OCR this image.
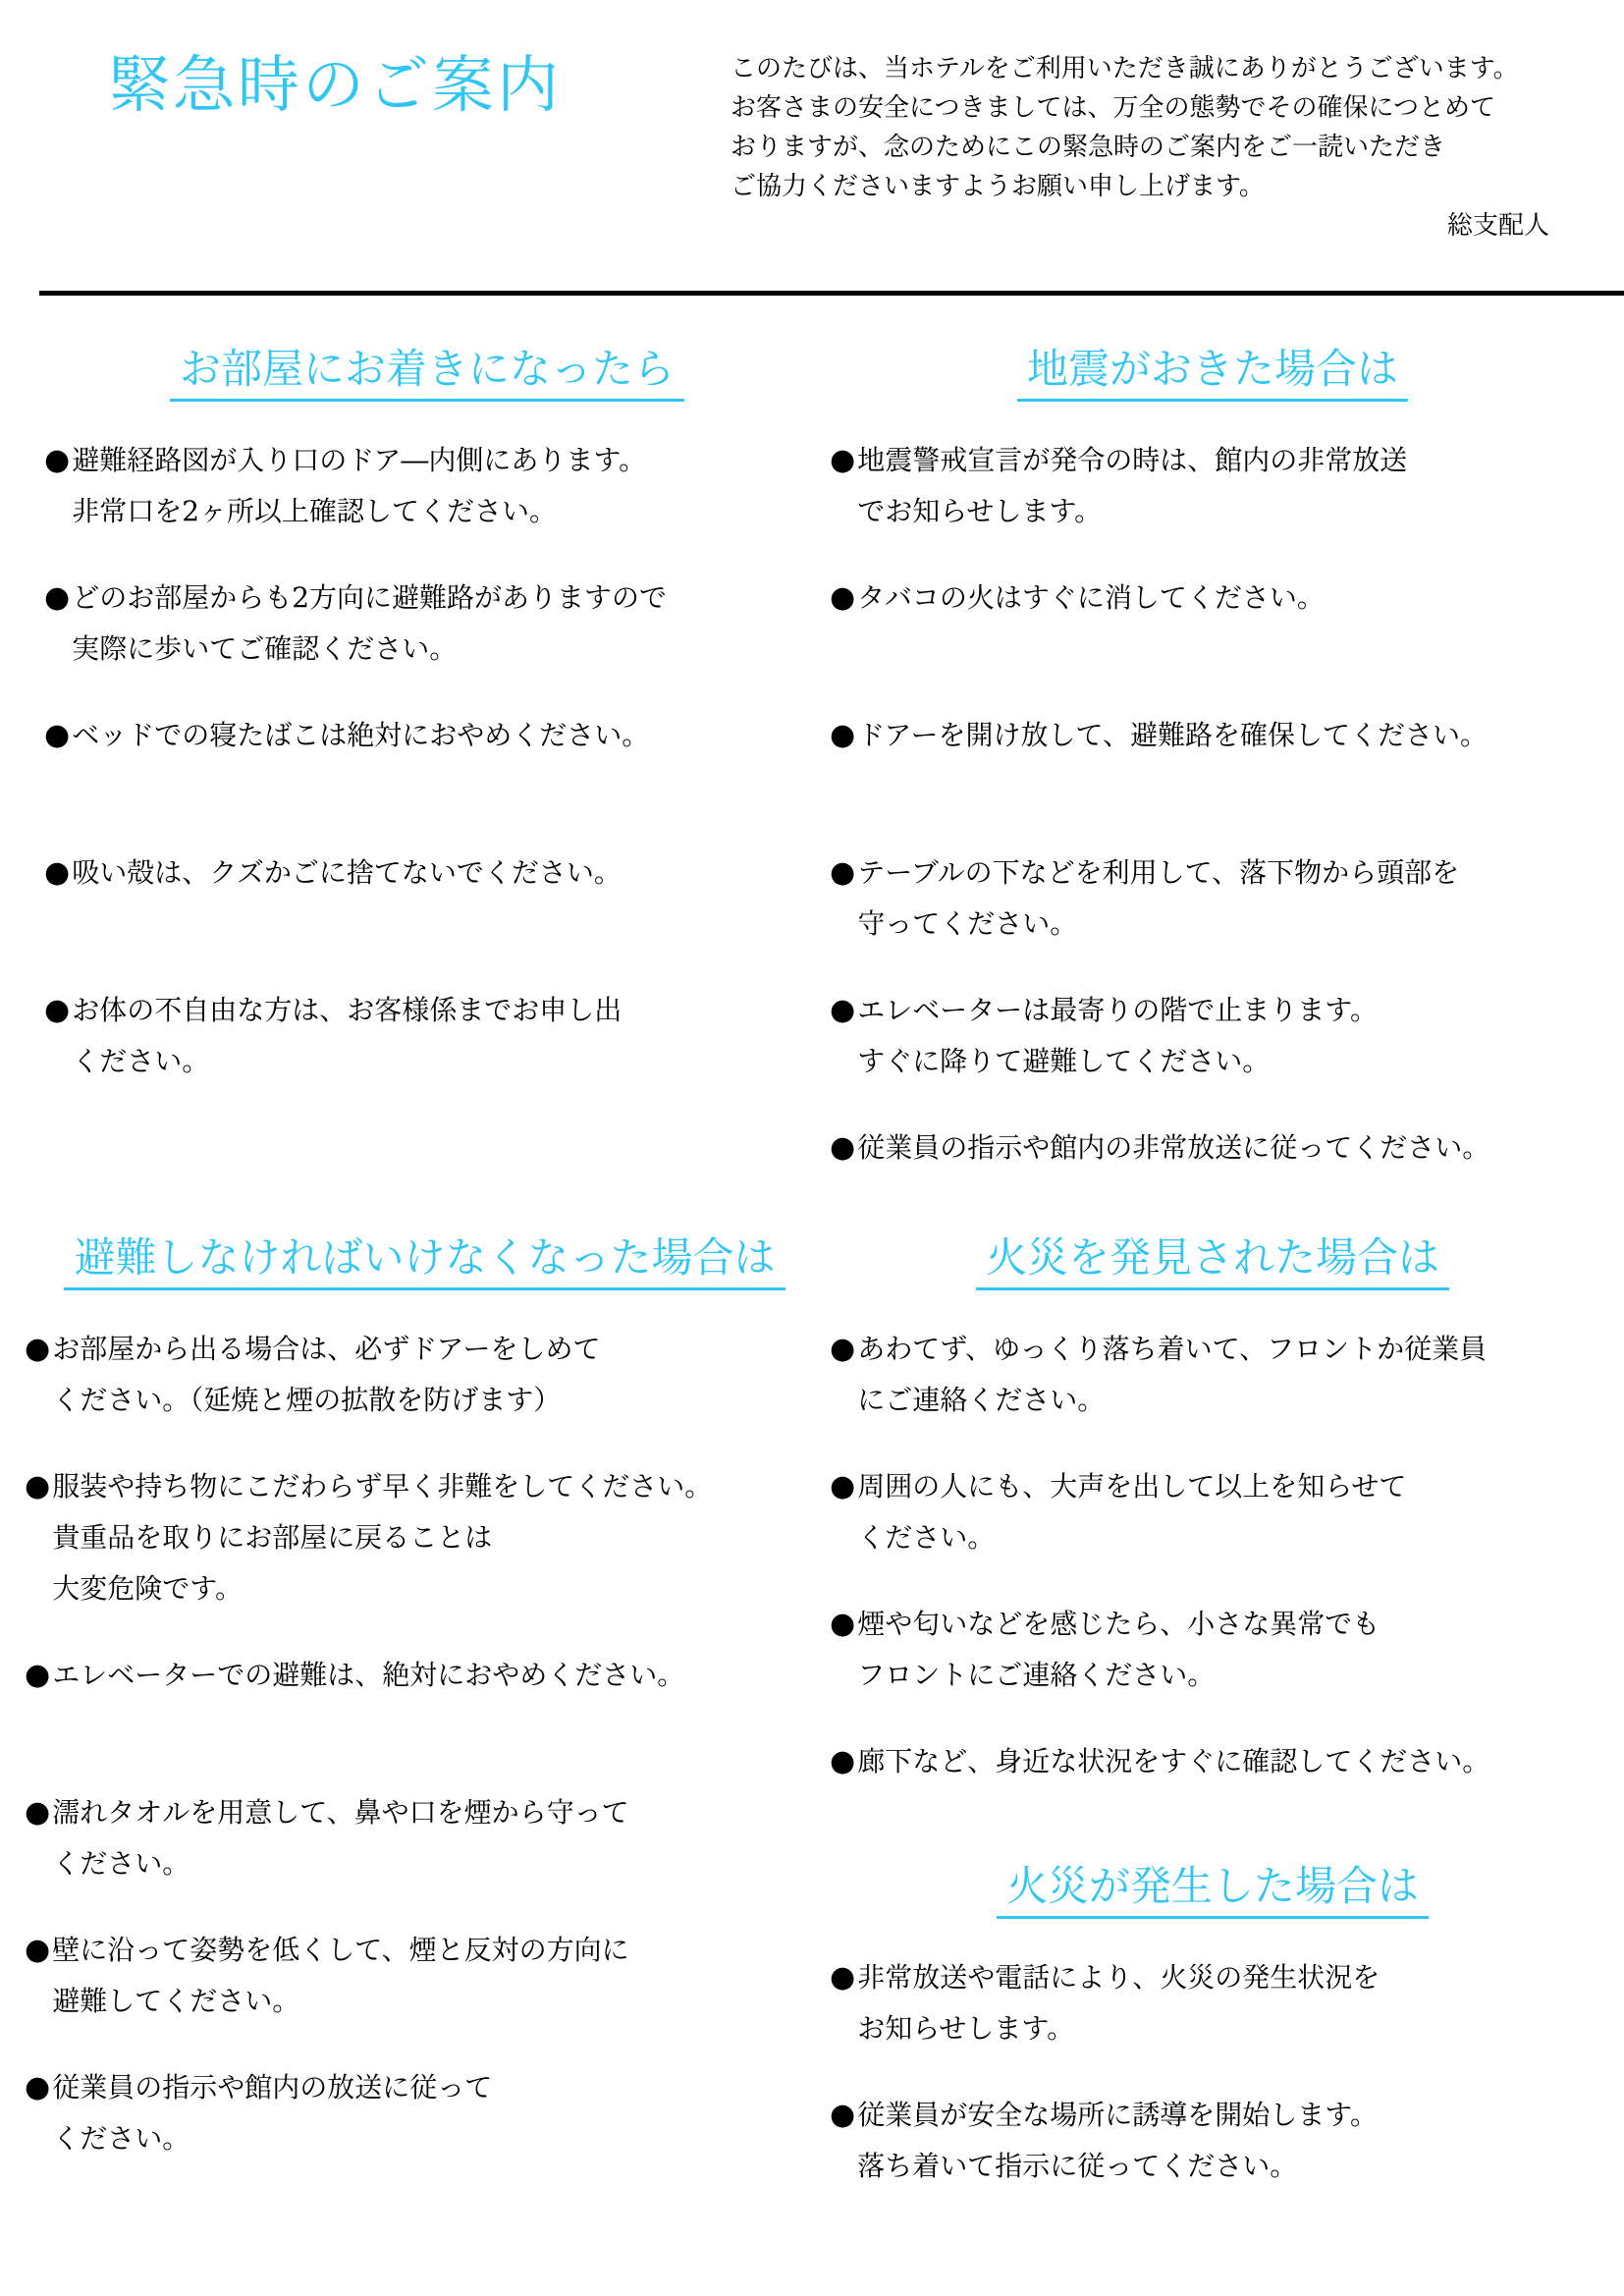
緊急時のご案内	このたびは、当ホテルをご利用いただき誠にありがとうございます。
お客さまの安全につきましては、万全の態勢でその確保につとめて
おりますが、念のためにこの緊急時のご案内をご一読いただき
ご協力くださいますようお願い申し上げます。
総支配人
お部屋にお着きになったら
● 避難経路図が入り口のドア―内側にあります。
非常口を2ヶ所以上確認してください。
● どのお部屋からも2方向に避難路がありますので
実際に歩いてご確認ください。
● ベッドでの寝たばこは絶対におやめください。
● 吸い殻は、クズかごに捨てないでください。
● お体の不自由な方は、お客様係までお申し出
ください。
地震がおきた場合は
● 地震警戒宣言が発令の時は、館内の非常放送
でお知らせします。
● タバコの火はすぐに消してください。
● ドアーを開け放して、避難路を確保してください。
● テーブルの下などを利用して、落下物から頭部を
守ってください。
● エレベーターは最寄りの階で止まります。
すぐに降りて避難してください。
● 従業員の指示や館内の非常放送に従ってください。
避難しなければいけなくなった場合は
● お部屋から出る場合は、必ずドアーをしめて
ください。（延焼と煙の拡散を防げます）
● 服装や持ち物にこだわらず早く非難をしてください。
貴重品を取りにお部屋に戻ることは
大変危険です。
● エレベーターでの避難は、絶対におやめください。
● 濡れタオルを用意して、鼻や口を煙から守って
ください。
● 壁に沿って姿勢を低くして、煙と反対の方向に
避難してください。
● 従業員の指示や館内の放送に従って
ください。
火災を発見された場合は
● あわてず、ゆっくり落ち着いて、フロントか従業員
にご連絡ください。
● 周囲の人にも、大声を出して以上を知らせて
ください。
● 煙や匂いなどを感じたら、小さな異常でも
フロントにご連絡ください。
● 廊下など、身近な状況をすぐに確認してください。
火災が発生した場合は
● 非常放送や電話により、火災の発生状況を
お知らせします。
● 従業員が安全な場所に誘導を開始します。
落ち着いて指示に従ってください。
